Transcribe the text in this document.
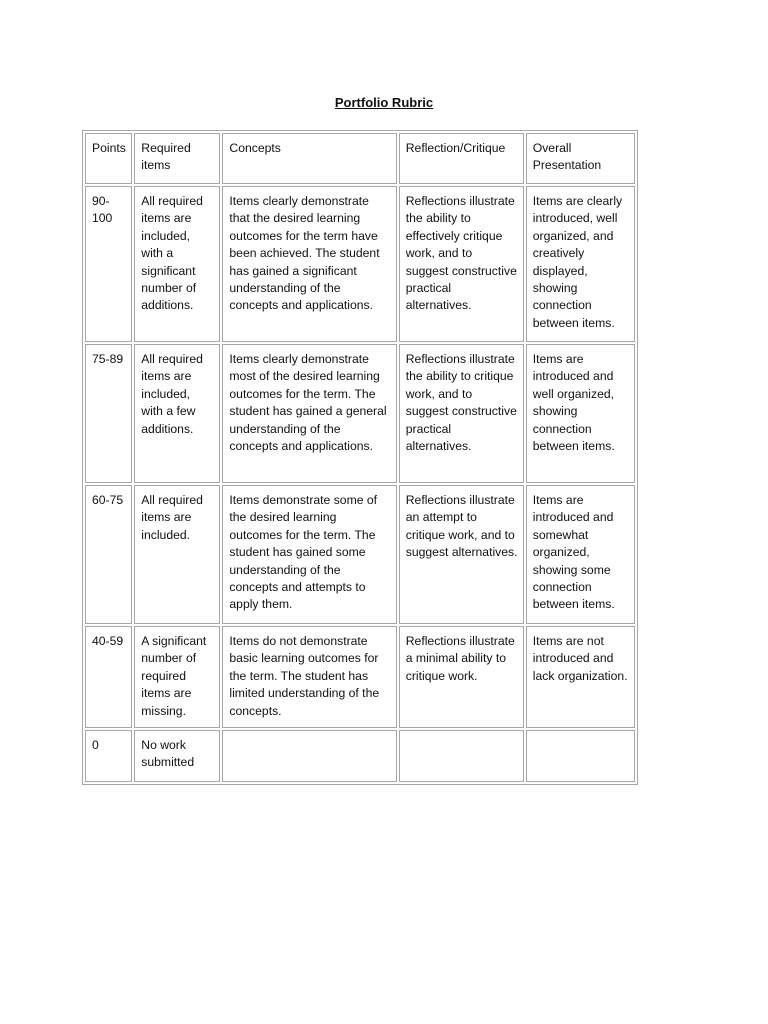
Portfolio Rubric
Points	Required items	Concepts	Reflection/Critique	Overall Presentation
90-100	All required items are included, with a significant number of additions.	Items clearly demonstrate that the desired learning outcomes for the term have been achieved. The student has gained a significant understanding of the concepts and applications.	Reflections illustrate the ability to effectively critique work, and to suggest constructive practical alternatives.	Items are clearly introduced, well organized, and creatively displayed, showing connection between items.
75-89	All required items are included, with a few additions.	Items clearly demonstrate most of the desired learning outcomes for the term. The student has gained a general understanding of the concepts and applications.	Reflections illustrate the ability to critique work, and to suggest constructive practical alternatives.	Items are introduced and well organized, showing connection between items.
60-75	All required items are included.	Items demonstrate some of the desired learning outcomes for the term. The student has gained some understanding of the concepts and attempts to apply them.	Reflections illustrate an attempt to critique work, and to suggest alternatives.	Items are introduced and somewhat organized, showing some connection between items.
40-59	A significant number of required items are missing.	Items do not demonstrate basic learning outcomes for the term. The student has limited understanding of the concepts.	Reflections illustrate a minimal ability to critique work.	Items are not introduced and lack organization.
0	No work submitted			
